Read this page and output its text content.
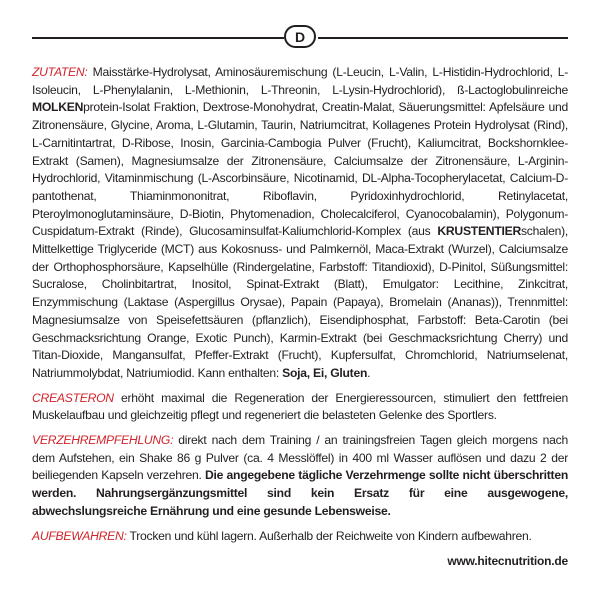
D

ZUTATEN: Maisstärke-Hydrolysat, Aminosäuremischung (L-Leucin, L-Valin, L-Histidin-Hydrochlorid, L-Isoleucin, L-Phenylalanin, L-Methionin, L-Threonin, L-Lysin-Hydrochlorid), ß-Lactoglobulinreiche MOLKENprotein-Isolat Fraktion, Dextrose-Monohydrat, Creatin-Malat, Säuerungsmittel: Apfelsäure und Zitronensäure, Glycine, Aroma, L-Glutamin, Taurin, Natriumcitrat, Kollagenes Protein Hydrolysat (Rind), L-Carnitintartrat, D-Ribose, Inosin, Garcinia-Cambogia Pulver (Frucht), Kaliumcitrat, Bockshornklee-Extrakt (Samen), Magnesiumsalze der Zitronensäure, Calciumsalze der Zitronensäure, L-Arginin-Hydrochlorid, Vitaminmischung (L-Ascorbinsäure, Nicotinamid, DL-Alpha-Tocopherylacetat, Calcium-D-pantothenat, Thiaminmononitrat, Riboflavin, Pyridoxinhydrochlorid, Retinylacetat, Pteroylmonoglutaminsäure, D-Biotin, Phytomenadion, Cholecalciferol, Cyanocobalamin), Polygonum-Cuspidatum-Extrakt (Rinde), Glucosaminsulfat-Kaliumchlorid-Komplex (aus KRUSTENTIERschalen), Mittelkettige Triglyceride (MCT) aus Kokosnuss- und Palmkernöl, Maca-Extrakt (Wurzel), Calciumsalze der Orthophosphorsäure, Kapselhülle (Rindergelatine, Farbstoff: Titandioxid), D-Pinitol, Süßungsmittel: Sucralose, Cholinbitartrat, Inositol, Spinat-Extrakt (Blatt), Emulgator: Lecithine, Zinkcitrat, Enzymmischung (Laktase (Aspergillus Orysae), Papain (Papaya), Bromelain (Ananas)), Trennmittel: Magnesiumsalze von Speisefettsäuren (pflanzlich), Eisendiphosphat, Farbstoff: Beta-Carotin (bei Geschmacksrichtung Orange, Exotic Punch), Karmin-Extrakt (bei Geschmacksrichtung Cherry) und Titan-Dioxide, Mangansulfat, Pfeffer-Extrakt (Frucht), Kupfersulfat, Chromchlorid, Natriumselenat, Natriummolybdat, Natriumiodid. Kann enthalten: Soja, Ei, Gluten.

CREASTERON erhöht maximal die Regeneration der Energieressourcen, stimuliert den fettfreien Muskelaufbau und gleichzeitig pflegt und regeneriert die belasteten Gelenke des Sportlers.

VERZEHREMPFEHLUNG: direkt nach dem Training / an trainingsfreien Tagen gleich morgens nach dem Aufstehen, ein Shake 86 g Pulver (ca. 4 Messlöffel) in 400 ml Wasser auflösen und dazu 2 der beiliegenden Kapseln verzehren. Die angegebene tägliche Verzehrmenge sollte nicht überschritten werden. Nahrungsergänzungsmittel sind kein Ersatz für eine ausgewogene, abwechslungsreiche Ernährung und eine gesunde Lebensweise.

AUFBEWAHREN: Trocken und kühl lagern. Außerhalb der Reichweite von Kindern aufbewahren.

www.hitecnutrition.de
